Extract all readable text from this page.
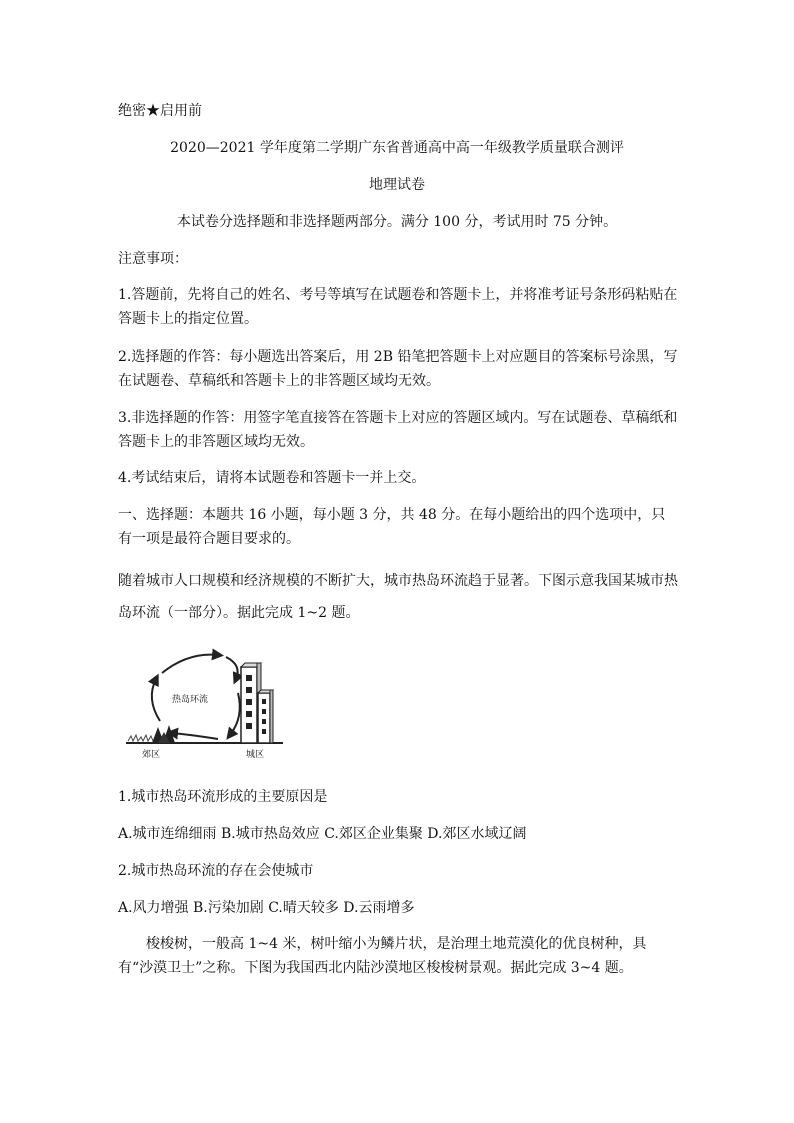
绝密★启用前
2020—2021 学年度第二学期广东省普通高中高一年级教学质量联合测评
地理试卷
本试卷分选择题和非选择题两部分。满分 100 分，考试用时 75 分钟。
注意事项：
1.答题前，先将自己的姓名、考号等填写在试题卷和答题卡上，并将准考证号条形码粘贴在答题卡上的指定位置。
2.选择题的作答：每小题选出答案后，用 2B 铅笔把答题卡上对应题目的答案标号涂黑，写在试题卷、草稿纸和答题卡上的非答题区域均无效。
3.非选择题的作答：用签字笔直接答在答题卡上对应的答题区域内。写在试题卷、草稿纸和答题卡上的非答题区域均无效。
4.考试结束后，请将本试题卷和答题卡一并上交。
一、选择题：本题共 16 小题，每小题 3 分，共 48 分。在每小题给出的四个选项中，只有一项是最符合题目要求的。
随着城市人口规模和经济规模的不断扩大，城市热岛环流趋于显著。下图示意我国某城市热岛环流（一部分）。据此完成 1~2 题。
热岛环流
郊区	城区
1.城市热岛环流形成的主要原因是
A.城市连绵细雨 B.城市热岛效应 C.郊区企业集聚 D.郊区水域辽阔
2.城市热岛环流的存在会使城市
A.风力增强 B.污染加剧 C.晴天较多 D.云雨增多
梭梭树，一般高 1~4 米，树叶缩小为鳞片状，是治理土地荒漠化的优良树种，具有“沙漠卫士”之称。下图为我国西北内陆沙漠地区梭梭树景观。据此完成 3~4 题。
